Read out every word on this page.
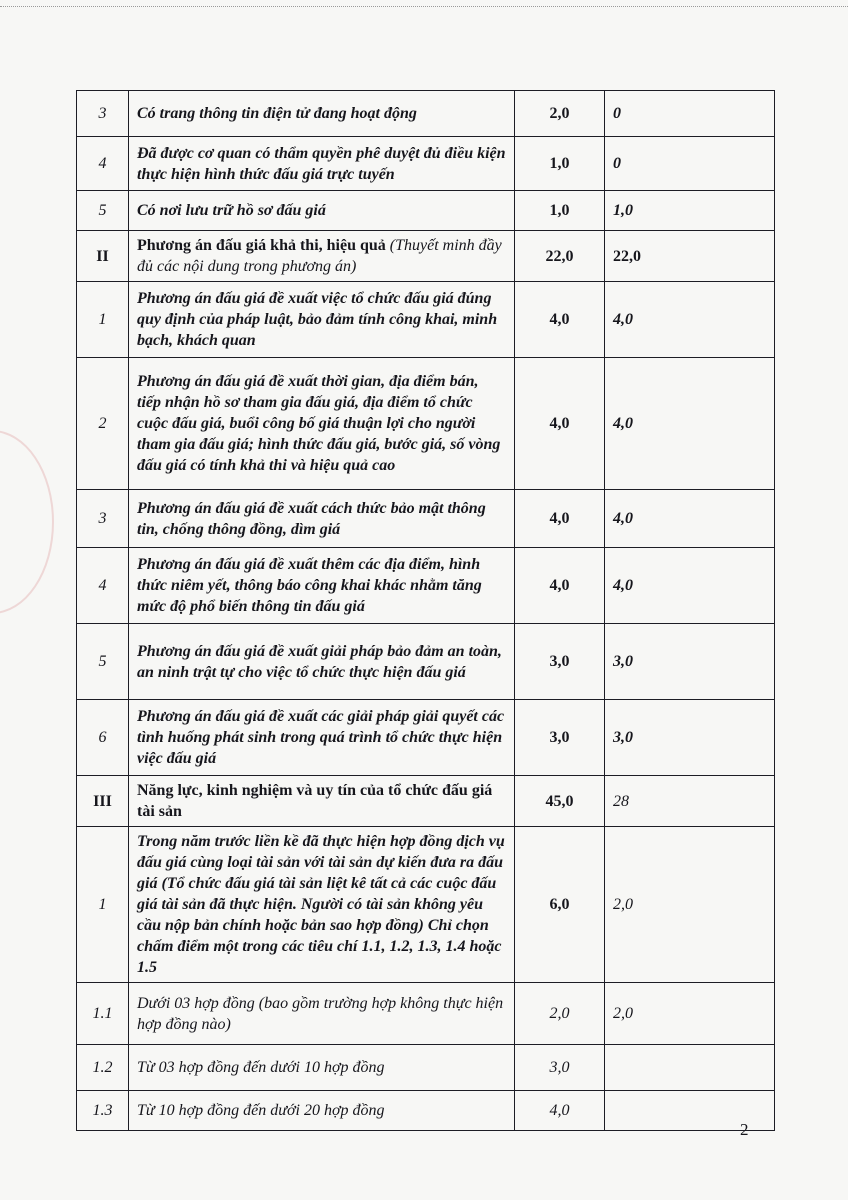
3	Có trang thông tin điện tử đang hoạt động	2,0	0
4	Đã được cơ quan có thẩm quyền phê duyệt đủ điều kiện thực hiện hình thức đấu giá trực tuyến	1,0	0
5	Có nơi lưu trữ hồ sơ đấu giá	1,0	1,0
II	Phương án đấu giá khả thi, hiệu quả (Thuyết minh đầy đủ các nội dung trong phương án)	22,0	22,0
1	Phương án đấu giá đề xuất việc tổ chức đấu giá đúng quy định của pháp luật, bảo đảm tính công khai, minh bạch, khách quan	4,0	4,0
2	Phương án đấu giá đề xuất thời gian, địa điểm bán, tiếp nhận hồ sơ tham gia đấu giá, địa điểm tổ chức cuộc đấu giá, buổi công bố giá thuận lợi cho người tham gia đấu giá; hình thức đấu giá, bước giá, số vòng đấu giá có tính khả thi và hiệu quả cao	4,0	4,0
3	Phương án đấu giá đề xuất cách thức bảo mật thông tin, chống thông đồng, dìm giá	4,0	4,0
4	Phương án đấu giá đề xuất thêm các địa điểm, hình thức niêm yết, thông báo công khai khác nhằm tăng mức độ phổ biến thông tin đấu giá	4,0	4,0
5	Phương án đấu giá đề xuất giải pháp bảo đảm an toàn, an ninh trật tự cho việc tổ chức thực hiện đấu giá	3,0	3,0
6	Phương án đấu giá đề xuất các giải pháp giải quyết các tình huống phát sinh trong quá trình tổ chức thực hiện việc đấu giá	3,0	3,0
III	Năng lực, kinh nghiệm và uy tín của tổ chức đấu giá tài sản	45,0	28
1	Trong năm trước liền kề đã thực hiện hợp đồng dịch vụ đấu giá cùng loại tài sản với tài sản dự kiến đưa ra đấu giá (Tổ chức đấu giá tài sản liệt kê tất cả các cuộc đấu giá tài sản đã thực hiện. Người có tài sản không yêu cầu nộp bản chính hoặc bản sao hợp đồng) Chỉ chọn chấm điểm một trong các tiêu chí 1.1, 1.2, 1.3, 1.4 hoặc 1.5	6,0	2,0
1.1	Dưới 03 hợp đồng (bao gồm trường hợp không thực hiện hợp đồng nào)	2,0	2,0
1.2	Từ 03 hợp đồng đến dưới 10 hợp đồng	3,0	
1.3	Từ 10 hợp đồng đến dưới 20 hợp đồng	4,0	
2
